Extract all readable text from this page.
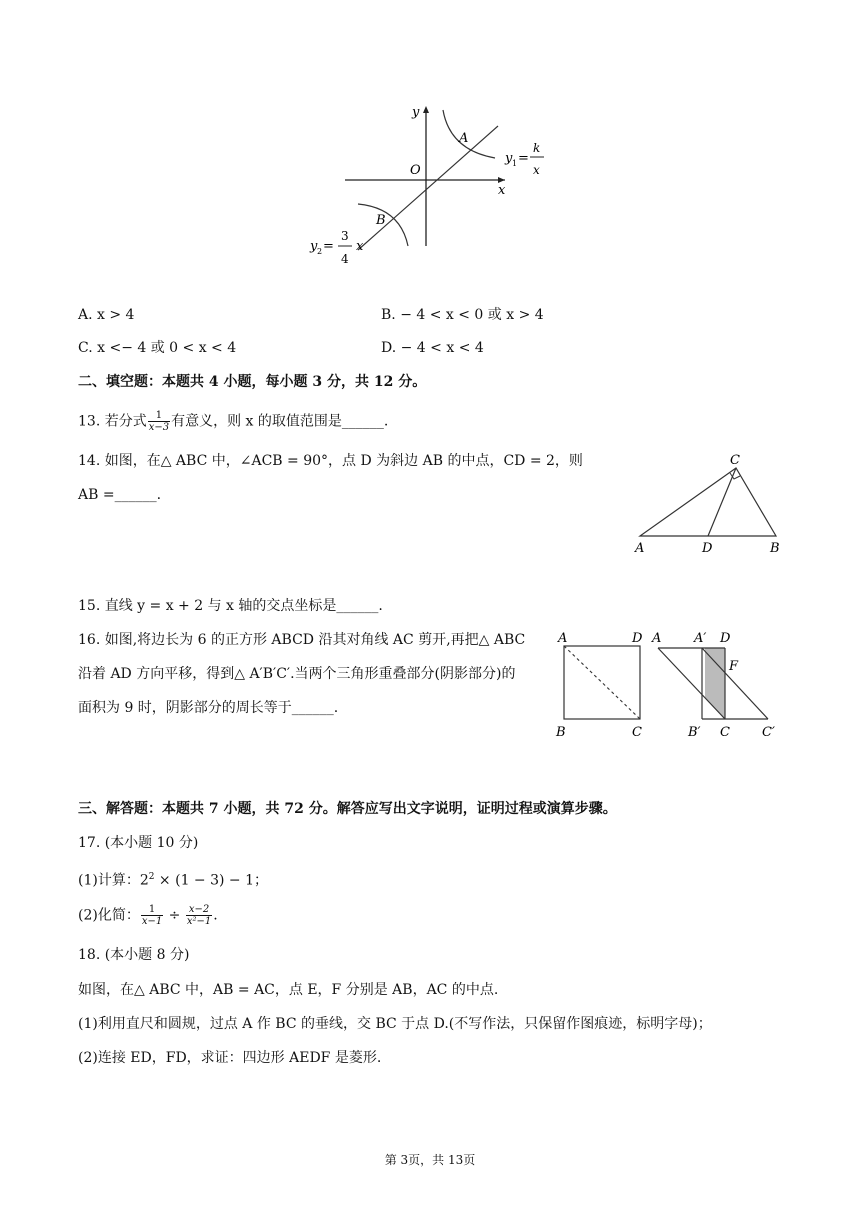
y
x
O
A
B
y 1 =
k
x
y 2 =
3
4
x
A. x > 4	B. − 4 < x < 0 或 x > 4
C. x <− 4 或 0 < x < 4	D. − 4 < x < 4
二、填空题：本题共 4 小题，每小题 3 分，共 12 分。
13. 若分式 $\frac{1}{x-3}$ 有意义，则 x 的取值范围是______.
14. 如图，在△ ABC 中，∠ACB = 90°，点 D 为斜边 AB 的中点，CD = 2，则
AB =______.
C
A	D	B
15. 直线 y = x + 2 与 x 轴的交点坐标是______.
16. 如图,将边长为 6 的正方形 ABCD 沿其对角线 AC 剪开,再把△ ABC
沿着 AD 方向平移，得到△ A′B′C′.当两个三角形重叠部分(阴影部分)的
面积为 9 时，阴影部分的周长等于______.
A	D
B	C
A	A′ D
F
B′ C C′
三、解答题：本题共 7 小题，共 72 分。解答应写出文字说明，证明过程或演算步骤。
17. (本小题 10 分)
(1)计算：$2^2 \times (1 - 3) - 1$；
(2)化简： $\frac{1}{x-1} \div \frac{x-2}{\text{x²−1}}$ .
18. (本小题 8 分)
如图，在△ ABC 中，AB = AC，点 E，F 分别是 AB，AC 的中点.
(1)利用直尺和圆规，过点 A 作 BC 的垂线，交 BC 于点 D.(不写作法，只保留作图痕迹，标明字母)；
(2)连接 ED，FD，求证：四边形 AEDF 是菱形.
第 3页，共 13页
